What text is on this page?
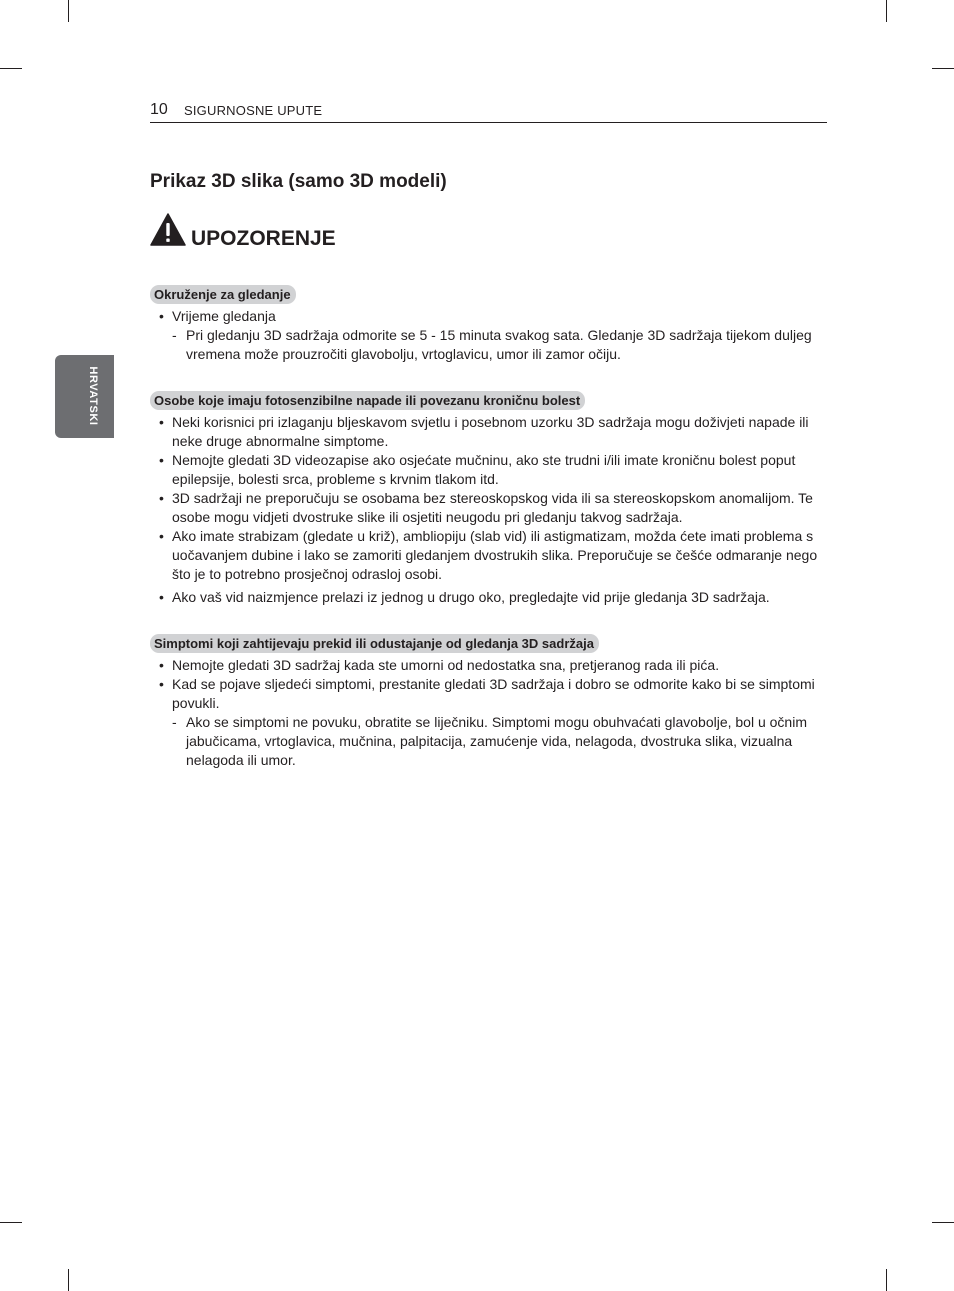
10 SIGURNOSNE UPUTE
HRVATSKI
Prikaz 3D slika (samo 3D modeli)
UPOZORENJE
Okruženje za gledanje
• Vrijeme gledanja
- Pri gledanju 3D sadržaja odmorite se 5 - 15 minuta svakog sata. Gledanje 3D sadržaja tijekom duljeg vremena može prouzročiti glavobolju, vrtoglavicu, umor ili zamor očiju.
Osobe koje imaju fotosenzibilne napade ili povezanu kroničnu bolest
• Neki korisnici pri izlaganju bljeskavom svjetlu i posebnom uzorku 3D sadržaja mogu doživjeti napade ili neke druge abnormalne simptome.
• Nemojte gledati 3D videozapise ako osjećate mučninu, ako ste trudni i/ili imate kroničnu bolest poput epilepsije, bolesti srca, probleme s krvnim tlakom itd.
• 3D sadržaji ne preporučuju se osobama bez stereoskopskog vida ili sa stereoskopskom anomalijom. Te osobe mogu vidjeti dvostruke slike ili osjetiti neugodu pri gledanju takvog sadržaja.
• Ako imate strabizam (gledate u križ), ambliopiju (slab vid) ili astigmatizam, možda ćete imati problema s uočavanjem dubine i lako se zamoriti gledanjem dvostrukih slika. Preporučuje se češće odmaranje nego što je to potrebno prosječnoj odrasloj osobi.
• Ako vaš vid naizmjence prelazi iz jednog u drugo oko, pregledajte vid prije gledanja 3D sadržaja.
Simptomi koji zahtijevaju prekid ili odustajanje od gledanja 3D sadržaja
• Nemojte gledati 3D sadržaj kada ste umorni od nedostatka sna, pretjeranog rada ili pića.
• Kad se pojave sljedeći simptomi, prestanite gledati 3D sadržaja i dobro se odmorite kako bi se simptomi povukli.
- Ako se simptomi ne povuku, obratite se liječniku. Simptomi mogu obuhvaćati glavobolje, bol u očnim jabučicama, vrtoglavica, mučnina, palpitacija, zamućenje vida, nelagoda, dvostruka slika, vizualna nelagoda ili umor.
